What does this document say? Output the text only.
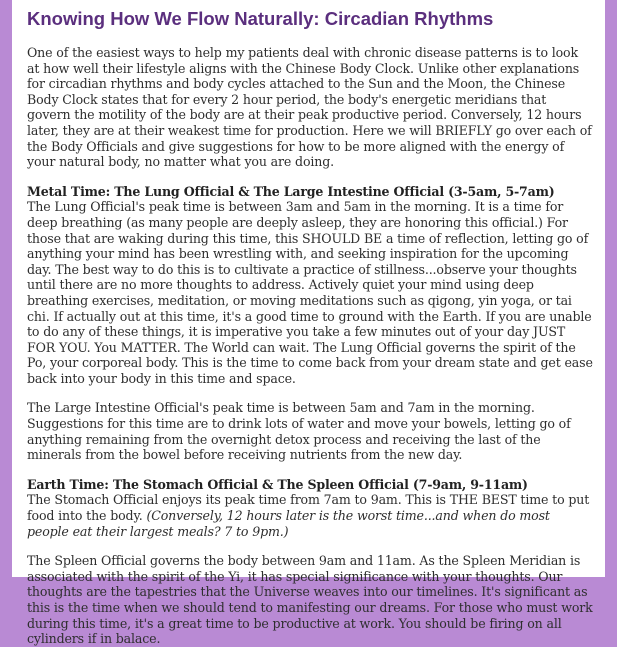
Knowing How We Flow Naturally: Circadian Rhythms

One of the easiest ways to help my patients deal with chronic disease patterns is to look at how well their lifestyle aligns with the Chinese Body Clock. Unlike other explanations for circadian rhythms and body cycles attached to the Sun and the Moon, the Chinese Body Clock states that for every 2 hour period, the body's energetic meridians that govern the motility of the body are at their peak productive period. Conversely, 12 hours later, they are at their weakest time for production. Here we will BRIEFLY go over each of the Body Officials and give suggestions for how to be more aligned with the energy of your natural body, no matter what you are doing.

Metal Time: The Lung Official & The Large Intestine Official (3-5am, 5-7am)

The Lung Official's peak time is between 3am and 5am in the morning. It is a time for deep breathing (as many people are deeply asleep, they are honoring this official.) For those that are waking during this time, this SHOULD BE a time of reflection, letting go of anything your mind has been wrestling with, and seeking inspiration for the upcoming day. The best way to do this is to cultivate a practice of stillness...observe your thoughts until there are no more thoughts to address. Actively quiet your mind using deep breathing exercises, meditation, or moving meditations such as qigong, yin yoga, or tai chi. If actually out at this time, it's a good time to ground with the Earth. If you are unable to do any of these things, it is imperative you take a few minutes out of your day JUST FOR YOU. You MATTER. The World can wait. The Lung Official governs the spirit of the Po, your corporeal body. This is the time to come back from your dream state and get ease back into your body in this time and space.

The Large Intestine Official's peak time is between 5am and 7am in the morning. Suggestions for this time are to drink lots of water and move your bowels, letting go of anything remaining from the overnight detox process and receiving the last of the minerals from the bowel before receiving nutrients from the new day.

Earth Time: The Stomach Official & The Spleen Official (7-9am, 9-11am)

The Stomach Official enjoys its peak time from 7am to 9am. This is THE BEST time to put food into the body. (Conversely, 12 hours later is the worst time...and when do most people eat their largest meals? 7 to 9pm.)

The Spleen Official governs the body between 9am and 11am. As the Spleen Meridian is associated with the spirit of the Yi, it has special significance with your thoughts. Our thoughts are the tapestries that the Universe weaves into our timelines. It's significant as this is the time when we should tend to manifesting our dreams. For those who must work during this time, it's a great time to be productive at work. You should be firing on all cylinders if in balace.
